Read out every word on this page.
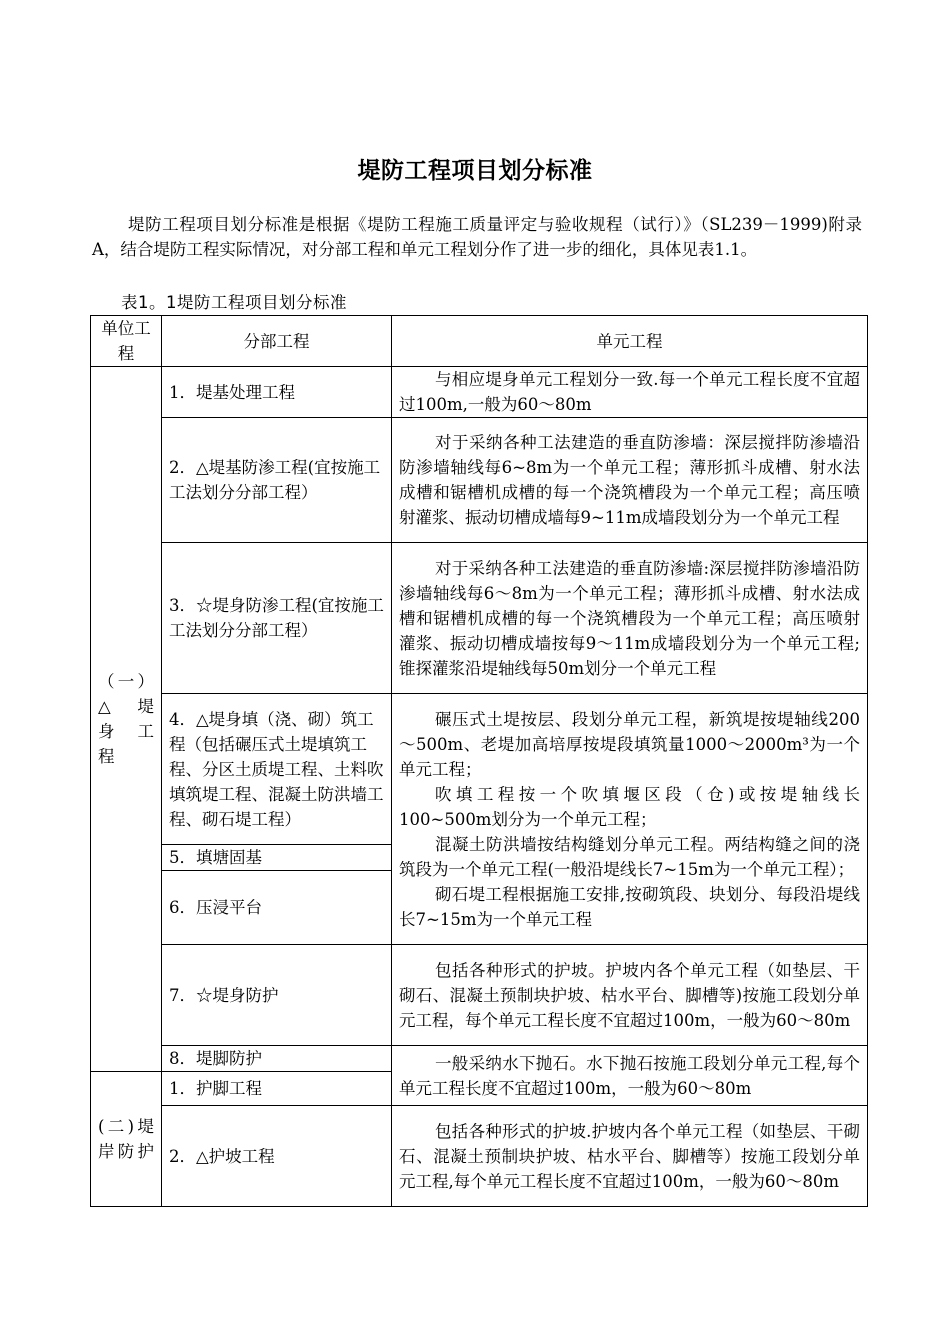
堤防工程项目划分标准
堤防工程项目划分标准是根据《堤防工程施工质量评定与验收规程（试行）》（SL239－1999)附录A，结合堤防工程实际情况，对分部工程和单元工程划分作了进一步的细化，具体见表1.1。
表1。1堤防工程项目划分标准
单位工程	分部工程	单元工程
（一）△ 堤 身 工 程	1．堤基处理工程	与相应堤身单元工程划分一致.每一个单元工程长度不宜超过100m,一般为60～80m

	2．△堤基防渗工程(宜按施工工法划分分部工程）	对于采纳各种工法建造的垂直防渗墙：深层搅拌防渗墙沿防渗墙轴线每6~8m为一个单元工程；薄形抓斗成槽、射水法成槽和锯槽机成槽的每一个浇筑槽段为一个单元工程；高压喷射灌浆、振动切槽成墙每9~11m成墙段划分为一个单元工程

	3．☆堤身防渗工程(宜按施工工法划分分部工程）	对于采纳各种工法建造的垂直防渗墙:深层搅拌防渗墙沿防渗墙轴线每6～8m为一个单元工程；薄形抓斗成槽、射水法成槽和锯槽机成槽的每一个浇筑槽段为一个单元工程；高压喷射灌浆、振动切槽成墙按每9～11m成墙段划分为一个单元工程;锥探灌浆沿堤轴线每50m划分一个单元工程

	4．△堤身填（浇、砌）筑工程（包括碾压式土堤填筑工程、分区土质堤工程、土料吹填筑堤工程、混凝土防洪墙工程、砌石堤工程）	碾压式土堤按层、段划分单元工程，新筑堤按堤轴线200～500m、老堤加高培厚按堤段填筑量1000～2000m³为一个单元工程；
吹填工程按一个吹填堰区段（仓)或按堤轴线长100~500m划分为一个单元工程；
混凝土防洪墙按结构缝划分单元工程。两结构缝之间的浇筑段为一个单元工程(一般沿堤线长7~15m为一个单元工程）；
砌石堤工程根据施工安排,按砌筑段、块划分、每段沿堤线长7~15m为一个单元工程

	5．填塘固基	
	6．压浸平台	
	7．☆堤身防护	包括各种形式的护坡。护坡内各个单元工程（如垫层、干砌石、混凝土预制块护坡、枯水平台、脚槽等)按施工段划分单元工程，每个单元工程长度不宜超过100m，一般为60～80m

	8．堤脚防护	一般采纳水下抛石。水下抛石按施工段划分单元工程,每个单元工程长度不宜超过100m，一般为60～80m

(二)堤 岸防护	1．护脚工程	
	2．△护坡工程	包括各种形式的护坡.护坡内各个单元工程（如垫层、干砌石、混凝土预制块护坡、枯水平台、脚槽等）按施工段划分单元工程,每个单元工程长度不宜超过100m，一般为60～80m
